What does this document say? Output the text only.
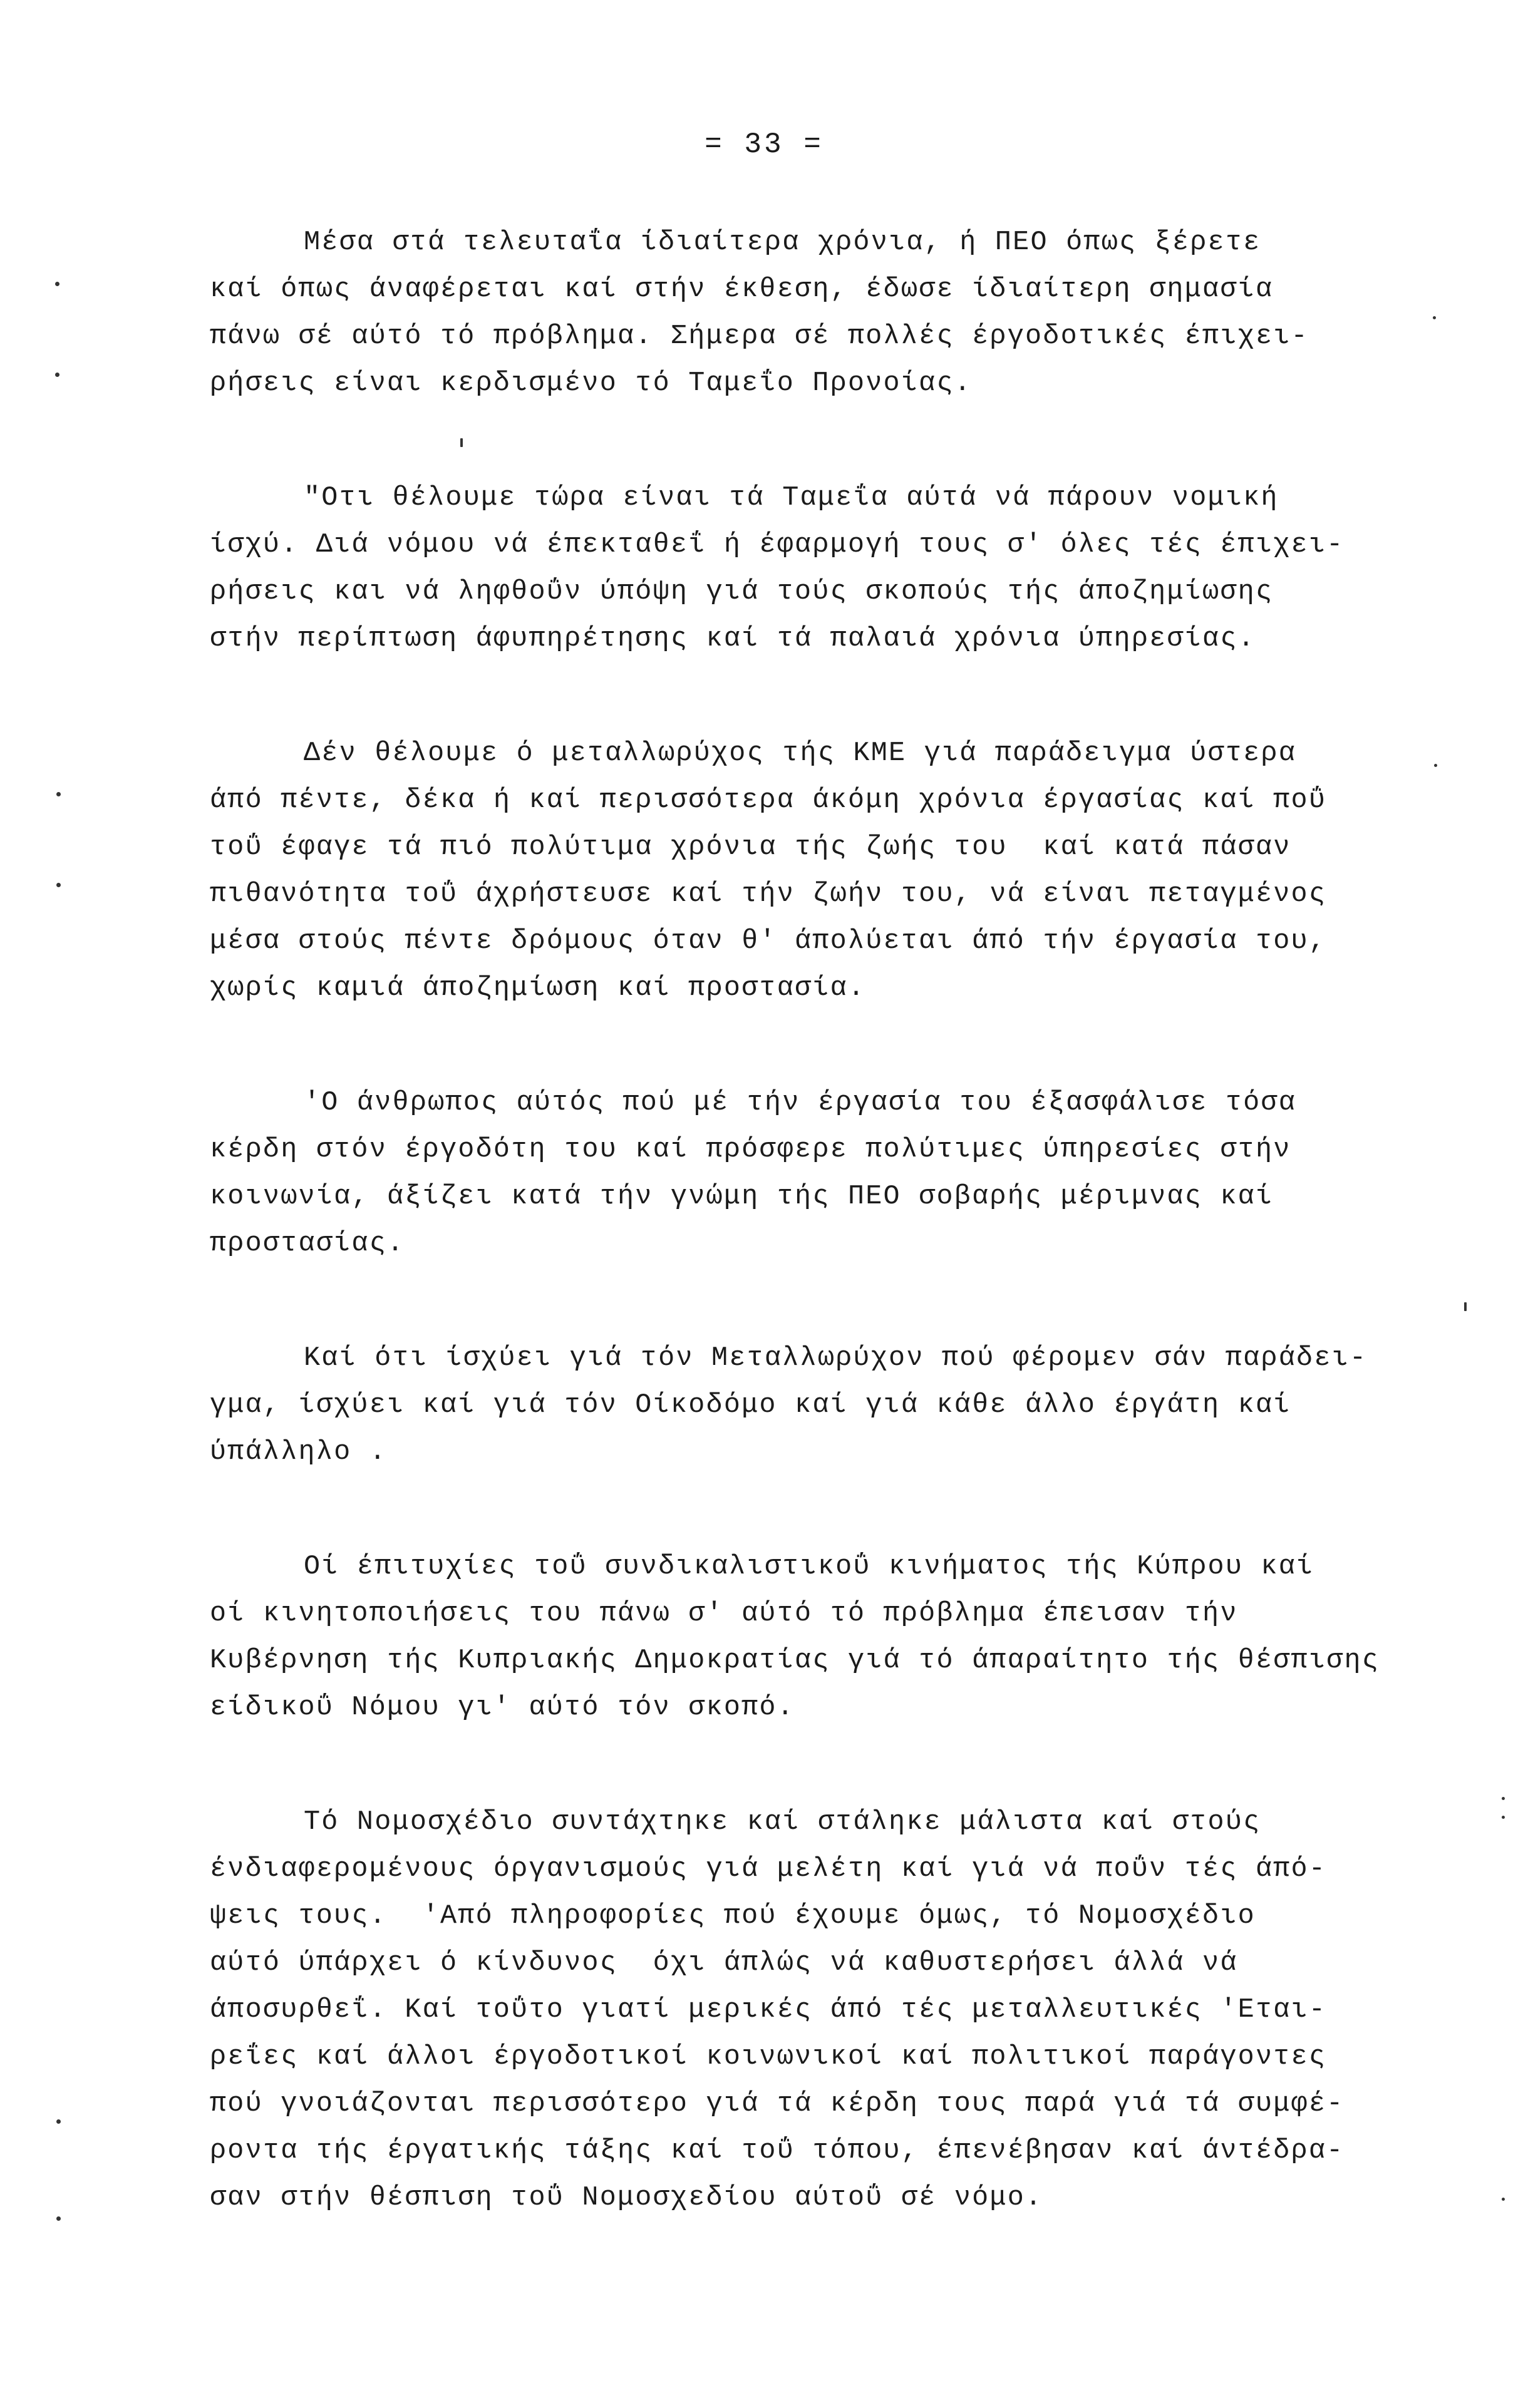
= 33 =
Μέσα στά τελευταΐα ίδιαίτερα χρόνια, ή ΠΕΟ όπως ξέρετε
καί όπως άναφέρεται καί στήν έκθεση, έδωσε ίδιαίτερη σημασία
πάνω σέ αύτό τό πρόβλημα. Σήμερα σέ πολλές έργοδοτικές έπιχει-
ρήσεις είναι κερδισμένο τό Ταμεΐο Προνοίας.
"Οτι θέλουμε τώρα είναι τά Ταμεΐα αύτά νά πάρουν νομική
ίσχύ. Διά νόμου νά έπεκταθεΐ ή έφαρμογή τους σ' όλες τές έπιχει-
ρήσεις και νά ληφθοΰν ύπόψη γιά τούς σκοπούς τής άποζημίωσης
στήν περίπτωση άφυπηρέτησης καί τά παλαιά χρόνια ύπηρεσίας.
Δέν θέλουμε ό μεταλλωρύχος τής ΚΜΕ γιά παράδειγμα ύστερα
άπό πέντε, δέκα ή καί περισσότερα άκόμη χρόνια έργασίας καί ποΰ
τοΰ έφαγε τά πιό πολύτιμα χρόνια τής ζωής του  καί κατά πάσαν
πιθανότητα τοΰ άχρήστευσε καί τήν ζωήν του, νά είναι πεταγμένος
μέσα στούς πέντε δρόμους όταν θ' άπολύεται άπό τήν έργασία του,
χωρίς καμιά άποζημίωση καί προστασία.
'Ο άνθρωπος αύτός πού μέ τήν έργασία του έξασφάλισε τόσα
κέρδη στόν έργοδότη του καί πρόσφερε πολύτιμες ύπηρεσίες στήν
κοινωνία, άξίζει κατά τήν γνώμη τής ΠΕΟ σοβαρής μέριμνας καί
προστασίας.
Καί ότι ίσχύει γιά τόν Μεταλλωρύχον πού φέρομεν σάν παράδει-
γμα, ίσχύει καί γιά τόν Οίκοδόμο καί γιά κάθε άλλο έργάτη καί
ύπάλληλο .
Οί έπιτυχίες τοΰ συνδικαλιστικοΰ κινήματος τής Κύπρου καί
οί κινητοποιήσεις του πάνω σ' αύτό τό πρόβλημα έπεισαν τήν
Κυβέρνηση τής Κυπριακής Δημοκρατίας γιά τό άπαραίτητο τής θέσπισης
είδικοΰ Νόμου γι' αύτό τόν σκοπό.
Τό Νομοσχέδιο συντάχτηκε καί στάληκε μάλιστα καί στούς
ένδιαφερομένους όργανισμούς γιά μελέτη καί γιά νά ποΰν τές άπό-
ψεις τους.  'Από πληροφορίες πού έχουμε όμως, τό Νομοσχέδιο
αύτό ύπάρχει ό κίνδυνος  όχι άπλώς νά καθυστερήσει άλλά νά
άποσυρθεΐ. Καί τοΰτο γιατί μερικές άπό τές μεταλλευτικές 'Εται-
ρεΐες καί άλλοι έργοδοτικοί κοινωνικοί καί πολιτικοί παράγοντες
πού γνοιάζονται περισσότερο γιά τά κέρδη τους παρά γιά τά συμφέ-
ροντα τής έργατικής τάξης καί τοΰ τόπου, έπενέβησαν καί άντέδρα-
σαν στήν θέσπιση τοΰ Νομοσχεδίου αύτοΰ σέ νόμο.
